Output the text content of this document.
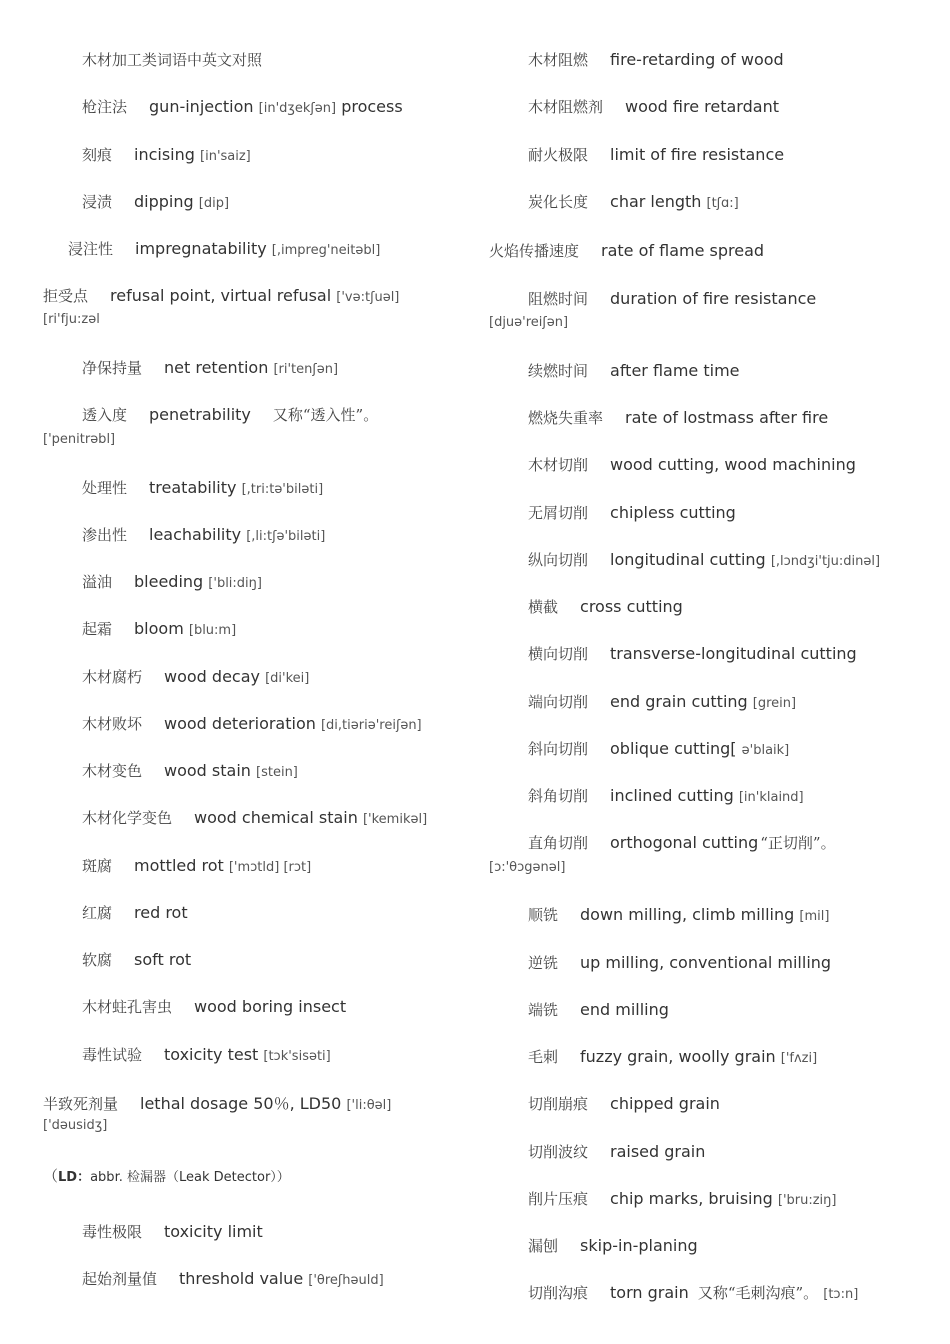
木材加工类词语中英文对照
枪注法 gun-injection [in'dʒekʃən] process
刻痕 incising [in'saiz]
浸渍 dipping [dip]
浸注性 impregnatability [,impreg'neitəbl]
拒受点 refusal point, virtual refusal ['və:tʃuəl]
[ri'fju:zəl
净保持量 net retention [ri'tenʃən]
透入度 penetrability 又称“透入性”。
['penitrəbl]
处理性 treatability [,tri:tə'biləti]
渗出性 leachability [,li:tʃə'biləti]
溢油 bleeding ['bli:diŋ]
起霜 bloom [blu:m]
木材腐朽 wood decay [di'kei]
木材败坏 wood deterioration [di,tiəriə'reiʃən]
木材变色 wood stain [stein]
木材化学变色 wood chemical stain ['kemikəl]
斑腐 mottled rot ['mɔtld] [rɔt]
红腐 red rot
软腐 soft rot
木材蛀孔害虫 wood boring insect
毒性试验 toxicity test [tɔk'sisəti]
半致死剂量 lethal dosage 50％, LD50 ['li:θəl]
['dəusidʒ]
毒性极限 toxicity limit
起始剂量值 threshold value ['θreʃhəuld]
（LD：abbr. 检漏器（Leak Detector））
木材阻燃 fire-retarding of wood
木材阻燃剂 wood fire retardant
耐火极限 limit of fire resistance
炭化长度 char length [tʃɑ:]
火焰传播速度 rate of flame spread
阻燃时间 duration of fire resistance
[djuə'reiʃən]
续燃时间 after flame time
燃烧失重率 rate of lostmass after fire
木材切削 wood cutting, wood machining
无屑切削 chipless cutting
纵向切削 longitudinal cutting [,lɔndʒi'tju:dinəl]
横截 cross cutting
横向切削 transverse-longitudinal cutting
端向切削 end grain cutting [grein]
斜向切削 oblique cutting[ ə'blaik]
斜角切削 inclined cutting [in'klaind]
直角切削 orthogonal cutting “正切削”。
[ɔ:'θɔgənəl]
顺铣 down milling, climb milling [mil]
逆铣 up milling, conventional milling
端铣 end milling
毛刺 fuzzy grain, woolly grain ['fʌzi]
切削崩痕 chipped grain
切削波纹 raised grain
削片压痕 chip marks, bruising ['bru:ziŋ]
漏刨 skip-in-planing
切削沟痕 torn grain 又称“毛刺沟痕”。 [tɔ:n]
